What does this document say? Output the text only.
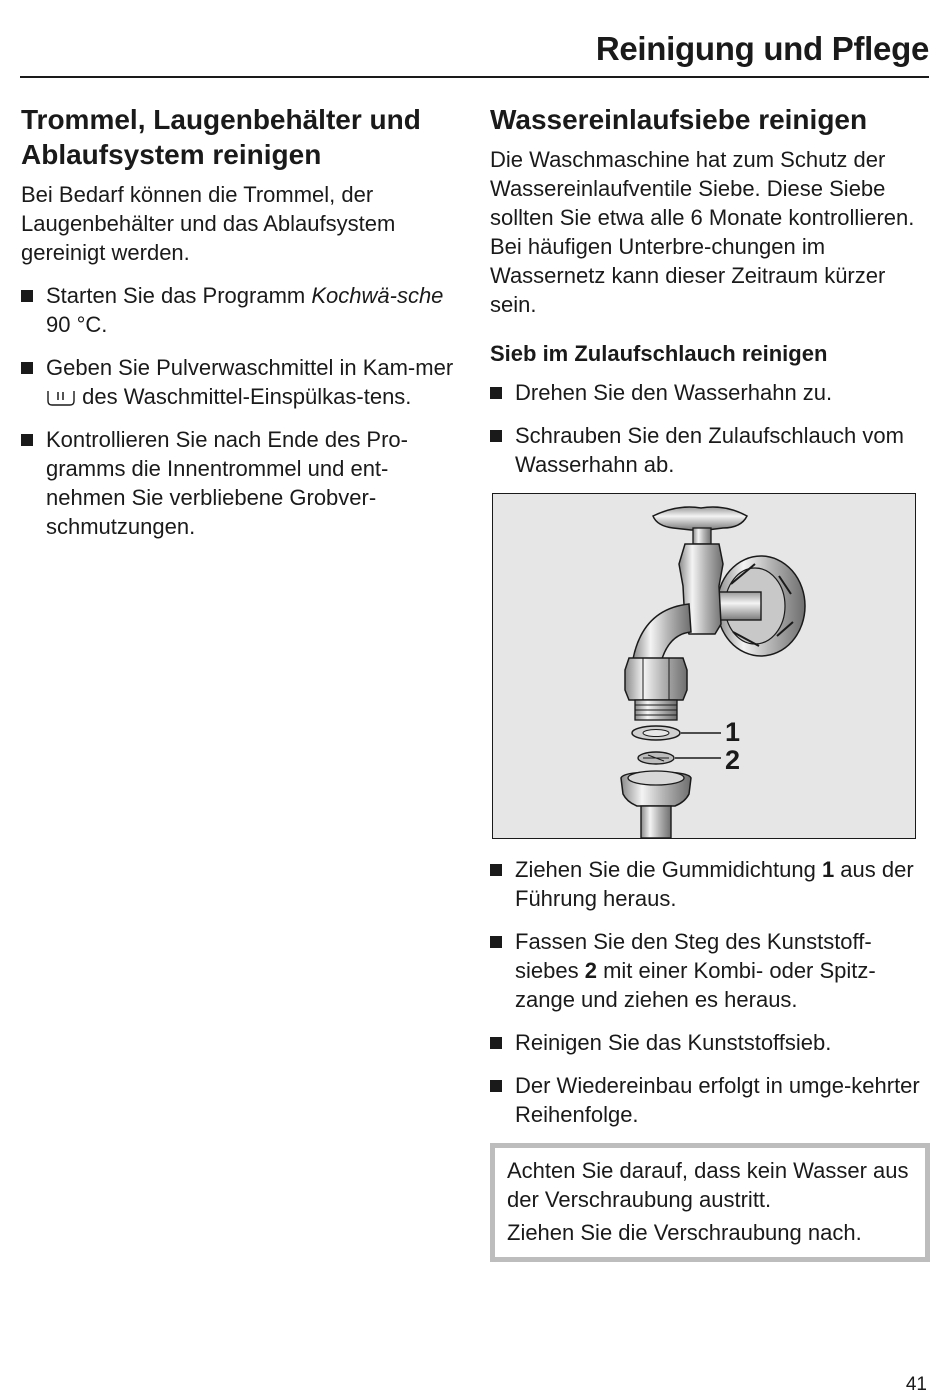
Reinigung und Pflege
Trommel, Laugenbehälter und Ablaufsystem reinigen

Bei Bedarf können die Trommel, der Laugenbehälter und das Ablaufsystem gereinigt werden.

Starten Sie das Programm Kochwä-sche 90 °C.
Geben Sie Pulverwaschmittel in Kam-mer  des Waschmittel-Einspülkas-tens.
Kontrollieren Sie nach Ende des Pro-gramms die Innentrommel und ent-nehmen Sie verbliebene Grobver-schmutzungen.
Wassereinlaufsiebe reinigen

Die Waschmaschine hat zum Schutz der Wassereinlaufventile Siebe. Diese Siebe sollten Sie etwa alle 6 Monate kontrollieren. Bei häufigen Unterbre-chungen im Wassernetz kann dieser Zeitraum kürzer sein.

Sieb im Zulaufschlauch reinigen
Drehen Sie den Wasserhahn zu.
Schrauben Sie den Zulaufschlauch vom Wasserhahn ab.
1
2
Ziehen Sie die Gummidichtung 1 aus der Führung heraus.
Fassen Sie den Steg des Kunststoff-siebes 2 mit einer Kombi- oder Spitz-zange und ziehen es heraus.
Reinigen Sie das Kunststoffsieb.
Der Wiedereinbau erfolgt in umge-kehrter Reihenfolge.

Achten Sie darauf, dass kein Wasser aus der Verschraubung austritt.

Ziehen Sie die Verschraubung nach.

41
